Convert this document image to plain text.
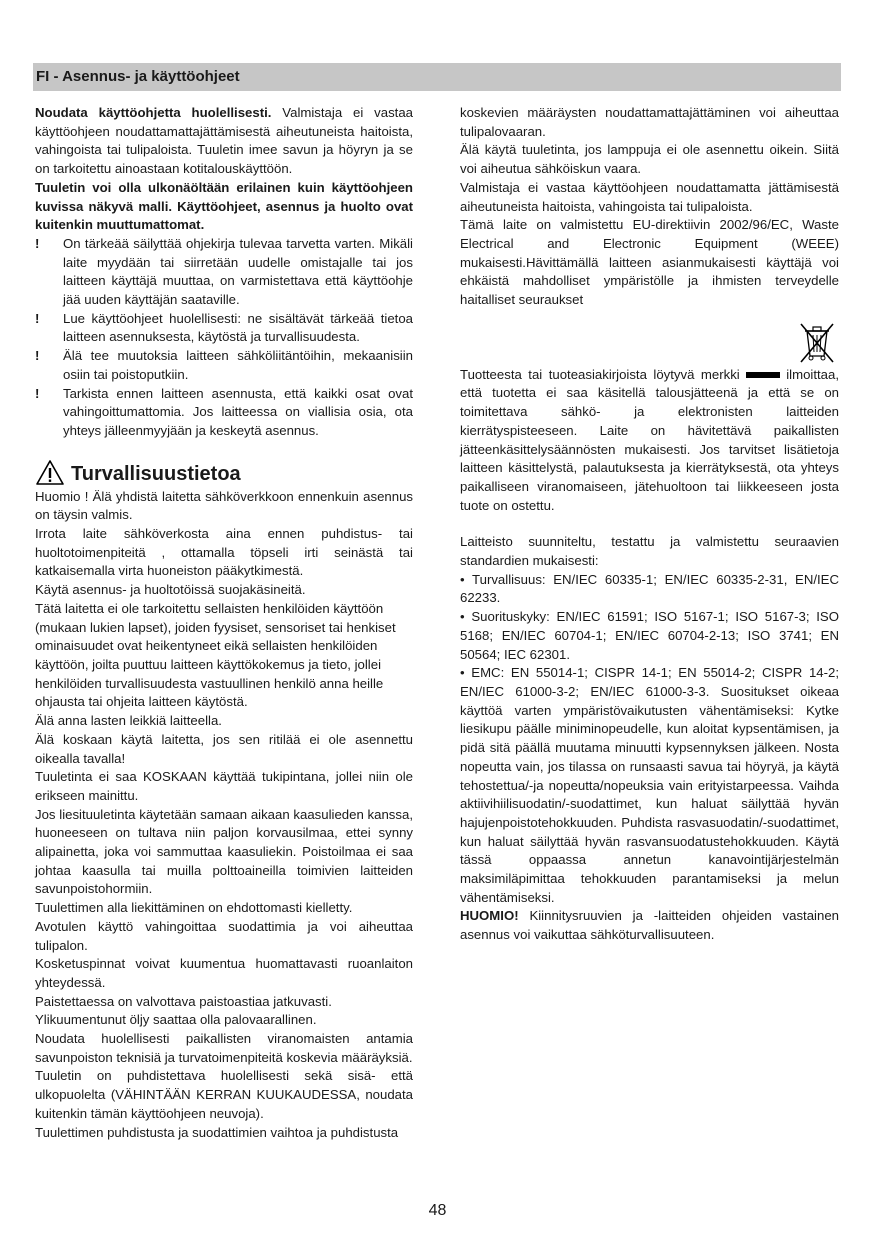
FI - Asennus- ja käyttöohjeet

Noudata käyttöohjetta huolellisesti. Valmistaja ei vastaa käyttöohjeen noudattamattajättämisestä aiheutuneista haitoista, vahingoista tai tulipaloista. Tuuletin imee savun ja höyryn ja se on tarkoitettu ainoastaan kotitalouskäyttöön.

Tuuletin voi olla ulkonäöltään erilainen kuin käyttöohjeen kuvissa näkyvä malli. Käyttöohjeet, asennus ja huolto ovat kuitenkin muuttumattomat.

! On tärkeää säilyttää ohjekirja tulevaa tarvetta varten. Mikäli laite myydään tai siirretään uudelle omistajalle tai jos laitteen käyttäjä muuttaa, on varmistettava että käyttöohje jää uuden käyttäjän saataville.
! Lue käyttöohjeet huolellisesti: ne sisältävät tärkeää tietoa laitteen asennuksesta, käytöstä ja turvallisuudesta.
! Älä tee muutoksia laitteen sähköliitäntöihin, mekaanisiin osiin tai poistoputkiin.
! Tarkista ennen laitteen asennusta, että kaikki osat ovat vahingoittumattomia. Jos laitteessa on viallisia osia, ota yhteys jälleenmyyjään ja keskeytä asennus.
Turvallisuustietoa

Huomio ! Älä yhdistä laitetta sähköverkkoon ennenkuin asennus on täysin valmis.

Irrota laite sähköverkosta aina ennen puhdistus- tai huoltotoimenpiteitä , ottamalla töpseli irti seinästä tai katkaisemalla virta huoneiston pääkytkimestä.

Käytä asennus- ja huoltotöissä suojakäsineitä.

Tätä laitetta ei ole tarkoitettu sellaisten henkilöiden käyttöön (mukaan lukien lapset), joiden fyysiset, sensoriset tai henkiset ominaisuudet ovat heikentyneet eikä sellaisten henkilöiden käyttöön, joilta puuttuu laitteen käyttökokemus ja tieto, jollei henkilöiden turvallisuudesta vastuullinen henkilö anna heille ohjausta tai ohjeita laitteen käytöstä.

Älä anna lasten leikkiä laitteella.

Älä koskaan käytä laitetta, jos sen ritilää ei ole asennettu oikealla tavalla!

Tuuletinta ei saa KOSKAAN käyttää tukipintana, jollei niin ole erikseen mainittu.

Jos liesituuletinta käytetään samaan aikaan kaasulieden kanssa, huoneeseen on tultava niin paljon korvausilmaa, ettei synny alipainetta, joka voi sammuttaa kaasuliekin. Poistoilmaa ei saa johtaa kaasulla tai muilla polttoaineilla toimivien laitteiden savunpoistohormiin.

Tuulettimen alla liekittäminen on ehdottomasti kielletty.

Avotulen käyttö vahingoittaa suodattimia ja voi aiheuttaa tulipalon.

Kosketuspinnat voivat kuumentua huomattavasti ruoanlaiton yhteydessä.

Paistettaessa on valvottava paistoastiaa jatkuvasti.

Ylikuumentunut öljy saattaa olla palovaarallinen.

Noudata huolellisesti paikallisten viranomaisten antamia savunpoiston teknisiä ja turvatoimenpiteitä koskevia määräyksiä.

Tuuletin on puhdistettava huolellisesti sekä sisä- että ulkopuolelta (VÄHINTÄÄN KERRAN KUUKAUDESSA, noudata kuitenkin tämän käyttöohjeen neuvoja).

Tuulettimen puhdistusta ja suodattimien vaihtoa ja puhdistusta

koskevien määräysten noudattamattajättäminen voi aiheuttaa tulipalovaaran.

Älä käytä tuuletinta, jos lamppuja ei ole asennettu oikein. Siitä voi aiheutua sähköiskun vaara.

Valmistaja ei vastaa käyttöohjeen noudattamatta jättämisestä aiheutuneista haitoista, vahingoista tai tulipaloista.

Tämä laite on valmistettu EU-direktiivin 2002/96/EC, Waste Electrical and Electronic Equipment (WEEE) mukaisesti.Hävittämällä laitteen asianmukaisesti käyttäjä voi ehkäistä mahdolliset ympäristölle ja ihmisten terveydelle haitalliset seuraukset

Tuotteesta tai tuoteasiakirjoista löytyvä merkki	ilmoittaa, että tuotetta ei saa käsitellä talousjätteenä ja että se on toimitettava sähkö- ja elektronisten laitteiden kierrätyspisteeseen. Laite on hävitettävä paikallisten jätteenkäsittelysäännösten mukaisesti. Jos tarvitset lisätietoja laitteen käsittelystä, palautuksesta ja kierrätyksestä, ota yhteys paikalliseen viranomaiseen, jätehuoltoon tai liikkeeseen josta tuote on ostettu.

Laitteisto suunniteltu, testattu ja valmistettu seuraavien standardien mukaisesti:

• Turvallisuus: EN/IEC 60335-1; EN/IEC 60335-2-31, EN/IEC 62233.

• Suorituskyky: EN/IEC 61591; ISO 5167-1; ISO 5167-3; ISO 5168; EN/IEC 60704-1; EN/IEC 60704-2-13; ISO 3741; EN 50564; IEC 62301.

• EMC: EN 55014-1; CISPR 14-1; EN 55014-2; CISPR 14-2; EN/IEC 61000-3-2; EN/IEC 61000-3-3. Suositukset oikeaa käyttöä varten ympäristövaikutusten vähentämiseksi: Kytke liesikupu päälle miniminopeudelle, kun aloitat kypsentämisen, ja pidä sitä päällä muutama minuutti kypsennyksen jälkeen. Nosta nopeutta vain, jos tilassa on runsaasti savua tai höyryä, ja käytä tehostettua/-ja nopeutta/nopeuksia vain erityistarpeessa. Vaihda aktiivihiilisuodatin/-suodattimet, kun haluat säilyttää hyvän hajujenpoistotehokkuuden. Puhdista rasvasuodatin/-suodattimet, kun haluat säilyttää hyvän rasvansuodatustehokkuuden. Käytä tässä oppaassa annetun kanavointijärjestelmän maksimiläpimittaa tehokkuuden parantamiseksi ja melun vähentämiseksi.

HUOMIO! Kiinnitysruuvien ja -laitteiden ohjeiden vastainen asennus voi vaikuttaa sähköturvallisuuteen.

48
